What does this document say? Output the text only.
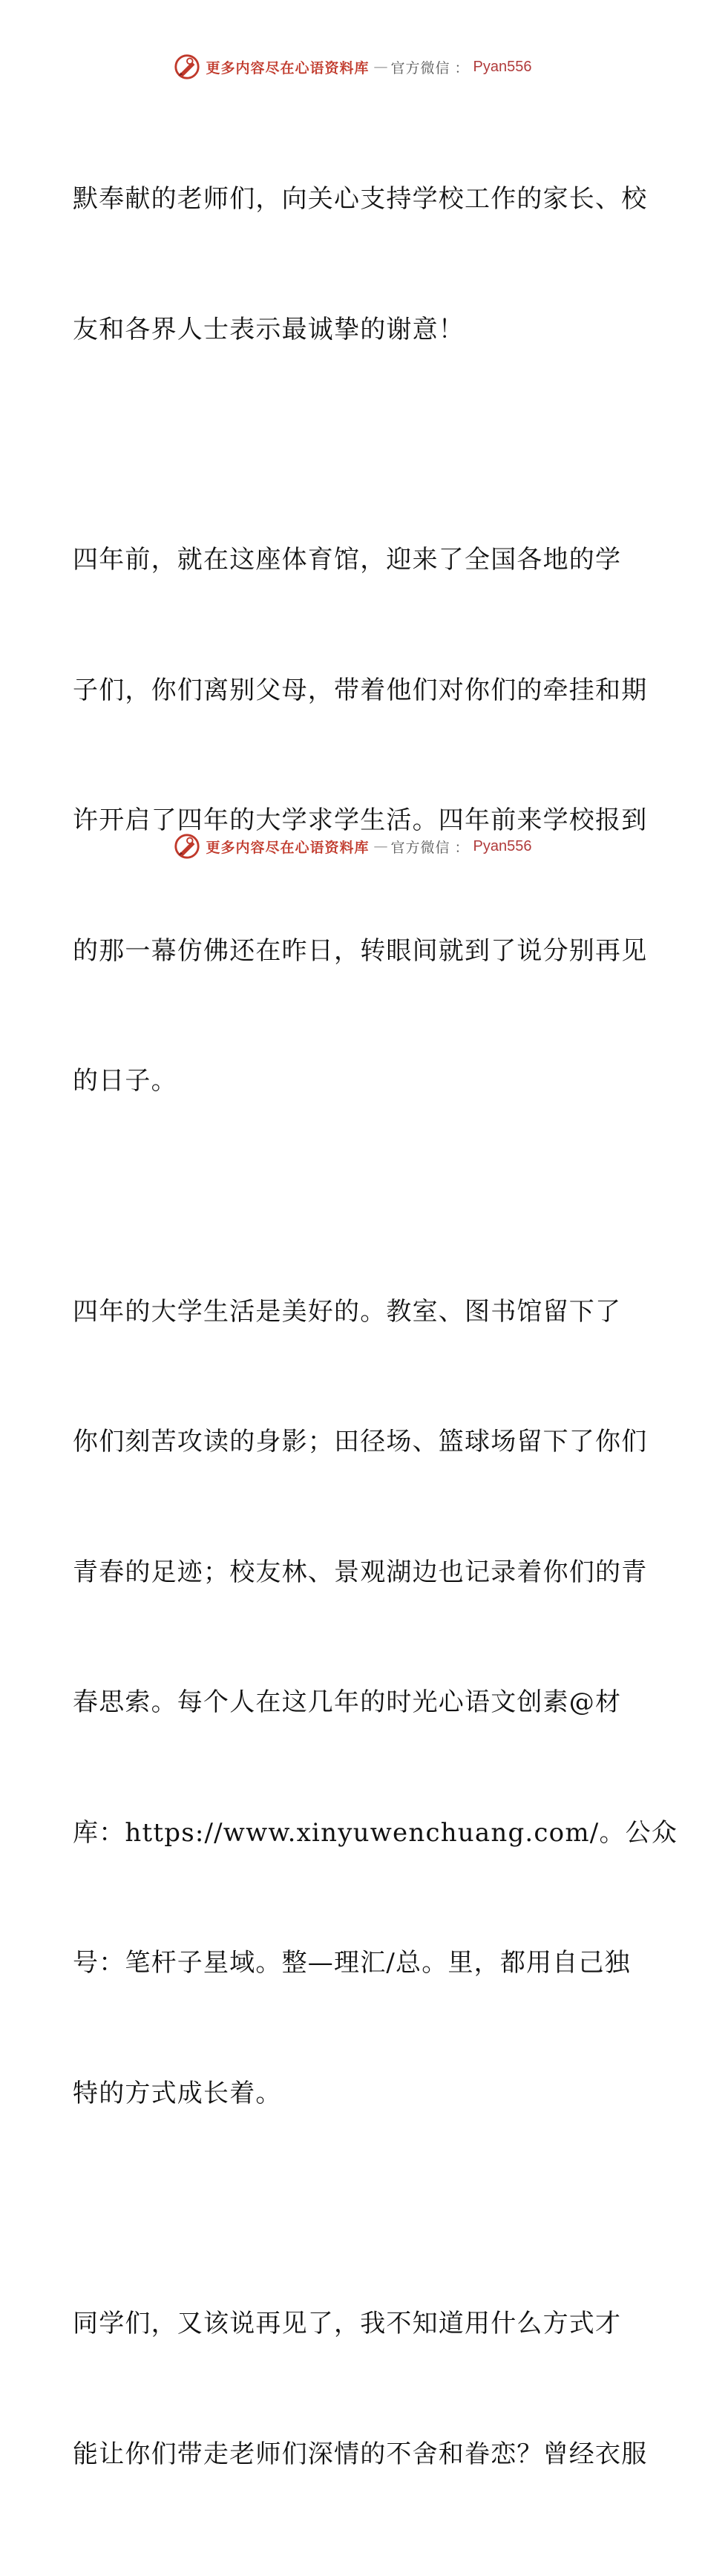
更多内容尽在心语资料库 — 官方微信 ： Pyan556

默奉献的老师们，向关心支持学校工作的家长、校

友和各界人士表示最诚挚的谢意！

四年前，就在这座体育馆，迎来了全国各地的学

子们，你们离别父母，带着他们对你们的牵挂和期

许开启了四年的大学求学生活。四年前来学校报到

的那一幕仿佛还在昨日，转眼间就到了说分别再见

的日子。

四年的大学生活是美好的。教室、图书馆留下了

你们刻苦攻读的身影；田径场、篮球场留下了你们

青春的足迹；校友林、景观湖边也记录着你们的青

春思索。每个人在这几年的时光心语文创素@材

库：https://www.xinyuwenchuang.com/。公众

号：笔杆子星域。整—理汇/总。里，都用自己独

特的方式成长着。

同学们，又该说再见了，我不知道用什么方式才

能让你们带走老师们深情的不舍和眷恋？曾经衣服

更多内容尽在心语资料库 — 官方微信 ： Pyan556
